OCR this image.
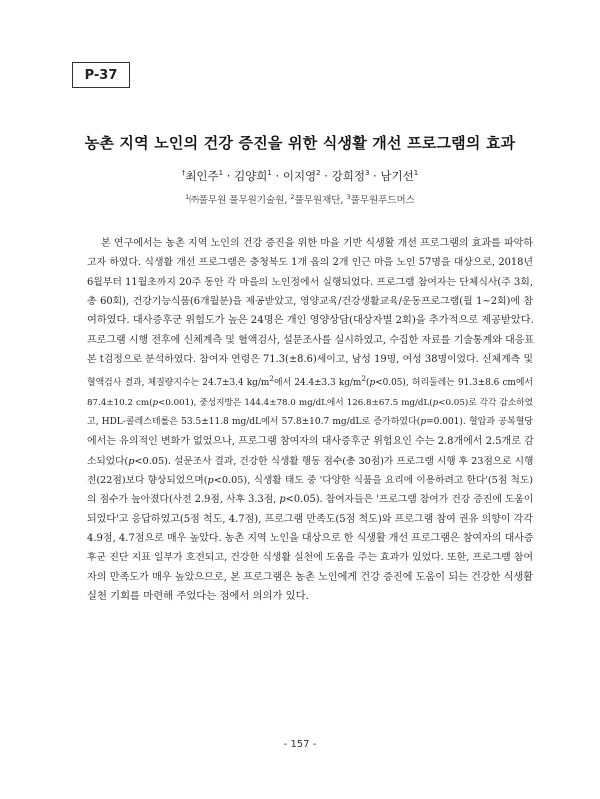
P-37
농촌 지역 노인의 건강 증진을 위한 식생활 개선 프로그램의 효과
†최인주$^1$ · 김양희$^1$ · 이지영$^2$ · 강희정$^3$ · 남기선$^1$
$^1$㈜풀무원 풀무원기술원, $^2$풀무원재단, $^3$풀무원푸드머스
본 연구에서는 농촌 지역 노인의 건강 증진을 위한 마을 기반 식생활 개선 프로그램의 효과를 파악하
고자 하였다. 식생활 개선 프로그램은 충청북도 1개 읍의 2개 인근 마을 노인 57명을 대상으로, 2018년
6월부터 11월초까지 20주 동안 각 마을의 노인정에서 실행되었다. 프로그램 참여자는 단체식사(주 3회,
총 60회), 건강기능식품(6개월분)을 제공받았고, 영양교육/건강생활교육/운동프로그램(월 1~2회)에 참
여하였다. 대사증후군 위험도가 높은 24명은 개인 영양상담(대상자별 2회)을 추가적으로 제공받았다.
프로그램 시행 전후에 신체계측 및 혈액검사, 설문조사를 실시하였고, 수집한 자료를 기술통계와 대응표
본 t검정으로 분석하였다. 참여자 연령은 71.3(±8.6)세이고, 남성 19명, 여성 38명이었다. 신체계측 및
혈액검사 결과, 체질량지수는 24.7±3.4 $kg/m^2$에서 24.4±3.3 $kg/m^2(p<0.05)$, 허리둘레는 91.3±8.6 cm에서
87.4±10.2 cm(p<0.001), 중성지방은 144.4±78.0 mg/dL에서 126.8±67.5 mg/dL(p<0.05)로 각각 감소하였
고, HDL-콜레스테롤은 53.5±11.8 mg/dL에서 57.8±10.7 mg/dL로 증가하였다(p=0.001). 혈압과 공복혈당
에서는 유의적인 변화가 없었으나, 프로그램 참여자의 대사증후군 위험요인 수는 2.8개에서 2.5개로 감
소되었다(p<0.05). 설문조사 결과, 건강한 식생활 행동 점수(총 30점)가 프로그램 시행 후 23점으로 시행
전(22점)보다 향상되었으며(p<0.05), 식생활 태도 중 '다양한 식품을 요리에 이용하려고 한다'(5점 척도)
의 점수가 높아졌다(사전 2.9점, 사후 3.3점, p<0.05). 참여자들은 '프로그램 참여가 건강 증진에 도움이
되었다'고 응답하였고(5점 척도, 4.7점), 프로그램 만족도(5점 척도)와 프로그램 참여 권유 의향이 각각
4.9점, 4.7점으로 매우 높았다. 농촌 지역 노인을 대상으로 한 식생활 개선 프로그램은 참여자의 대사증
후군 진단 지표 일부가 호전되고, 건강한 식생활 실천에 도움을 주는 효과가 있었다. 또한, 프로그램 참여
자의 만족도가 매우 높았으므로, 본 프로그램은 농촌 노인에게 건강 증진에 도움이 되는 건강한 식생활
실천 기회를 마련해 주었다는 점에서 의의가 있다.
- 157 -
